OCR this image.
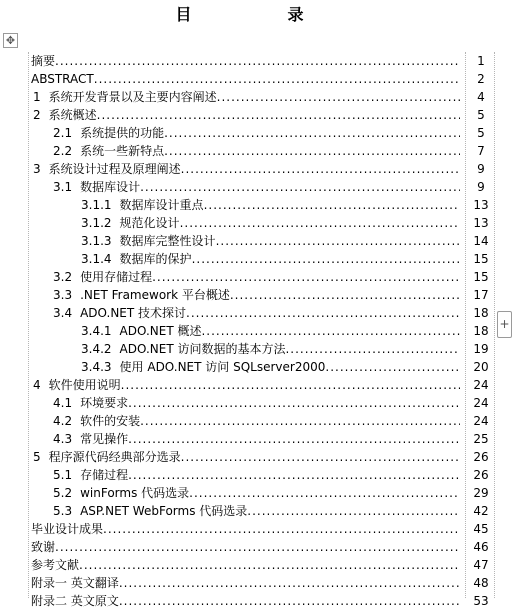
目　录
✥
+
摘要 .....	1
ABSTRACT .....	2
1 系统开发背景以及主要内容阐述 .....	4
2 系统概述 .....	5
2.1 系统提供的功能 .....	5
2.2 系统一些新特点 .....	7
3 系统设计过程及原理阐述 .....	9
3.1 数据库设计 .....	9
3.1.1 数据库设计重点 .....	13
3.1.2 规范化设计 .....	13
3.1.3 数据库完整性设计 .....	14
3.1.4 数据库的保护 .....	15
3.2 使用存储过程 .....	15
3.3 .NET Framework 平台概述 .....	17
3.4 ADO.NET 技术探讨 .....	18
3.4.1 ADO.NET 概述 .....	18
3.4.2 ADO.NET 访问数据的基本方法 .....	19
3.4.3 使用 ADO.NET 访问 SQLserver2000 .....	20
4 软件使用说明 .....	24
4.1 环境要求 .....	24
4.2 软件的安装 .....	24
4.3 常见操作 .....	25
5 程序源代码经典部分选录 .....	26
5.1 存储过程 .....	26
5.2 winForms 代码选录 .....	29
5.3 ASP.NET WebForms 代码选录 .....	42
毕业设计成果 .....	45
致谢 .....	46
参考文献 .....	47
附录一 英文翻译 .....	48
附录二 英文原文 .....	53
